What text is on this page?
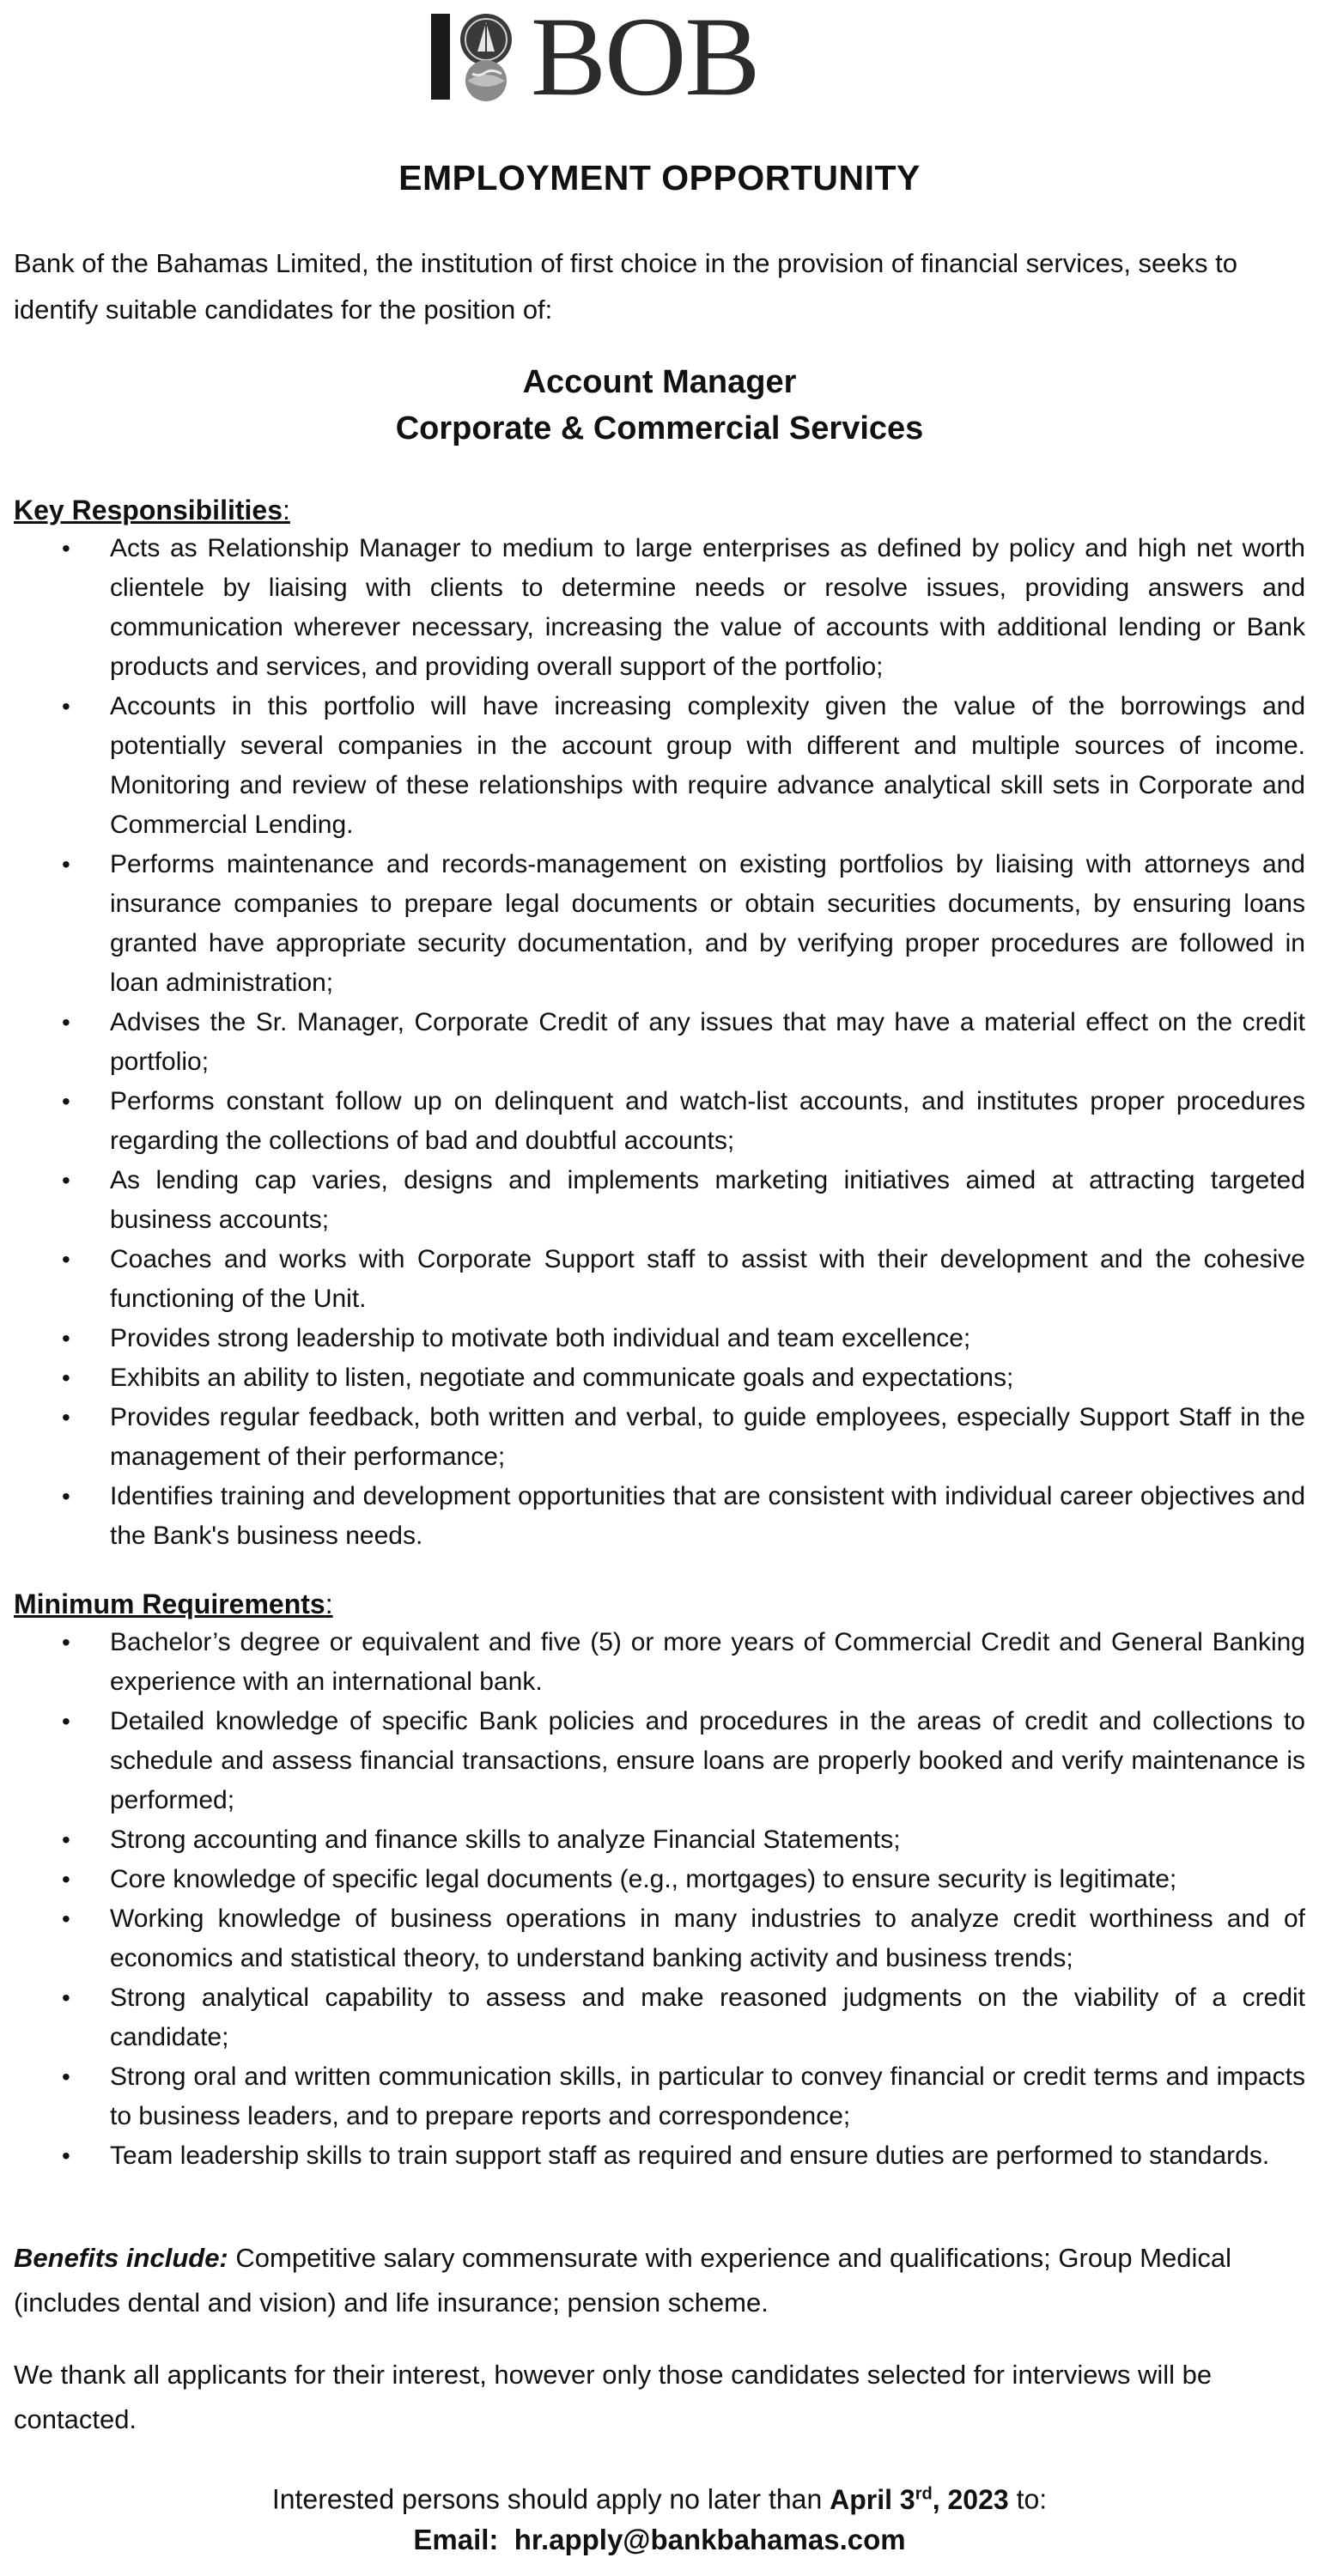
BOB
EMPLOYMENT OPPORTUNITY

Bank of the Bahamas Limited, the institution of first choice in the provision of financial services, seeks to identify suitable candidates for the position of:

Account Manager
Corporate & Commercial Services

Key Responsibilities:

• Acts as Relationship Manager to medium to large enterprises as defined by policy and high net worth clientele by liaising with clients to determine needs or resolve issues, providing answers and communication wherever necessary, increasing the value of accounts with additional lending or Bank products and services, and providing overall support of the portfolio;
• Accounts in this portfolio will have increasing complexity given the value of the borrowings and potentially several companies in the account group with different and multiple sources of income. Monitoring and review of these relationships with require advance analytical skill sets in Corporate and Commercial Lending.
• Performs maintenance and records-management on existing portfolios by liaising with attorneys and insurance companies to prepare legal documents or obtain securities documents, by ensuring loans granted have appropriate security documentation, and by verifying proper procedures are followed in loan administration;
• Advises the Sr. Manager, Corporate Credit of any issues that may have a material effect on the credit portfolio;
• Performs constant follow up on delinquent and watch-list accounts, and institutes proper procedures regarding the collections of bad and doubtful accounts;
• As lending cap varies, designs and implements marketing initiatives aimed at attracting targeted business accounts;
• Coaches and works with Corporate Support staff to assist with their development and the cohesive functioning of the Unit.
• Provides strong leadership to motivate both individual and team excellence;
• Exhibits an ability to listen, negotiate and communicate goals and expectations;
• Provides regular feedback, both written and verbal, to guide employees, especially Support Staff in the management of their performance;
• Identifies training and development opportunities that are consistent with individual career objectives and the Bank's business needs.

Minimum Requirements:

• Bachelor’s degree or equivalent and five (5) or more years of Commercial Credit and General Banking experience with an international bank.
• Detailed knowledge of specific Bank policies and procedures in the areas of credit and collections to schedule and assess financial transactions, ensure loans are properly booked and verify maintenance is performed;
• Strong accounting and finance skills to analyze Financial Statements;
• Core knowledge of specific legal documents (e.g., mortgages) to ensure security is legitimate;
• Working knowledge of business operations in many industries to analyze credit worthiness and of economics and statistical theory, to understand banking activity and business trends;
• Strong analytical capability to assess and make reasoned judgments on the viability of a credit candidate;
• Strong oral and written communication skills, in particular to convey financial or credit terms and impacts to business leaders, and to prepare reports and correspondence;
• Team leadership skills to train support staff as required and ensure duties are performed to standards.

Benefits include: Competitive salary commensurate with experience and qualifications; Group Medical (includes dental and vision) and life insurance; pension scheme.

We thank all applicants for their interest, however only those candidates selected for interviews will be contacted.

Interested persons should apply no later than April 3rd, 2023 to:

Email: hr.apply@bankbahamas.com
